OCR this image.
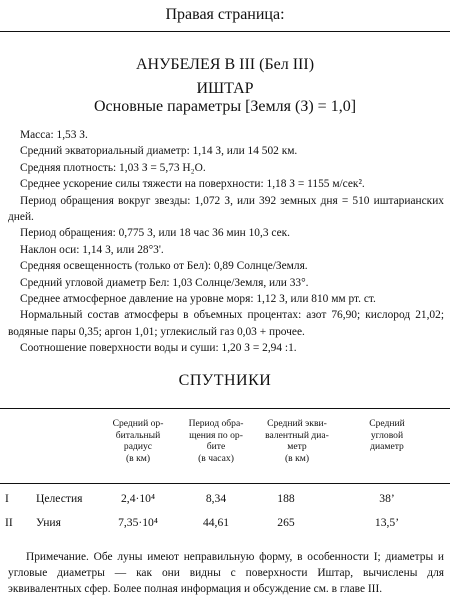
Правая страница:
АНУБЕЛЕЯ В III (Бел III)
ИШТАР
Основные параметры [Земля (З) = 1,0]

Масса: 1,53 З.

Средний экваториальный диаметр: 1,14 З, или 14 502 км.

Средняя плотность: 1,03 З = 5,73 H₂O.

Среднее ускорение силы тяжести на поверхности: 1,18 З = 1155 м/сек².

Период обращения вокруг звезды: 1,072 З, или 392 земных дня = 510 иштарианских дней.

Период обращения: 0,775 З, или 18 час 36 мин 10,3 сек.

Наклон оси: 1,14 З, или 28°3'.

Средняя освещенность (только от Бел): 0,89 Солнце/Земля.

Средний угловой диаметр Бел: 1,03 Солнце/Земля, или 33°.

Среднее атмосферное давление на уровне моря: 1,12 З, или 810 мм рт. ст.

Нормальный состав атмосферы в объемных процентах: азот 76,90; кислород 21,02; водяные пары 0,35; аргон 1,01; углекислый газ 0,03 + прочее.

Соотношение поверхности воды и суши: 1,20 З = 2,94 :1.

СПУТНИКИ
Средний ор-
битальный
радиус
(в км)
Период обра-
щения по ор-
бите
(в часах)
Средний экви-
валентный диа-
метр
(в км)
Средний
угловой
диаметр
I Целестия	2,4·10⁴	8,34	188	38’
II Уния	7,35·10⁴	44,61	265	13,5’

Примечание. Обе луны имеют неправильную форму, в особенности I; диаметры и угловые диаметры — как они видны с поверхности Иштар, вычислены для эквивалентных сфер. Более полная информация и обсуждение см. в главе III.
